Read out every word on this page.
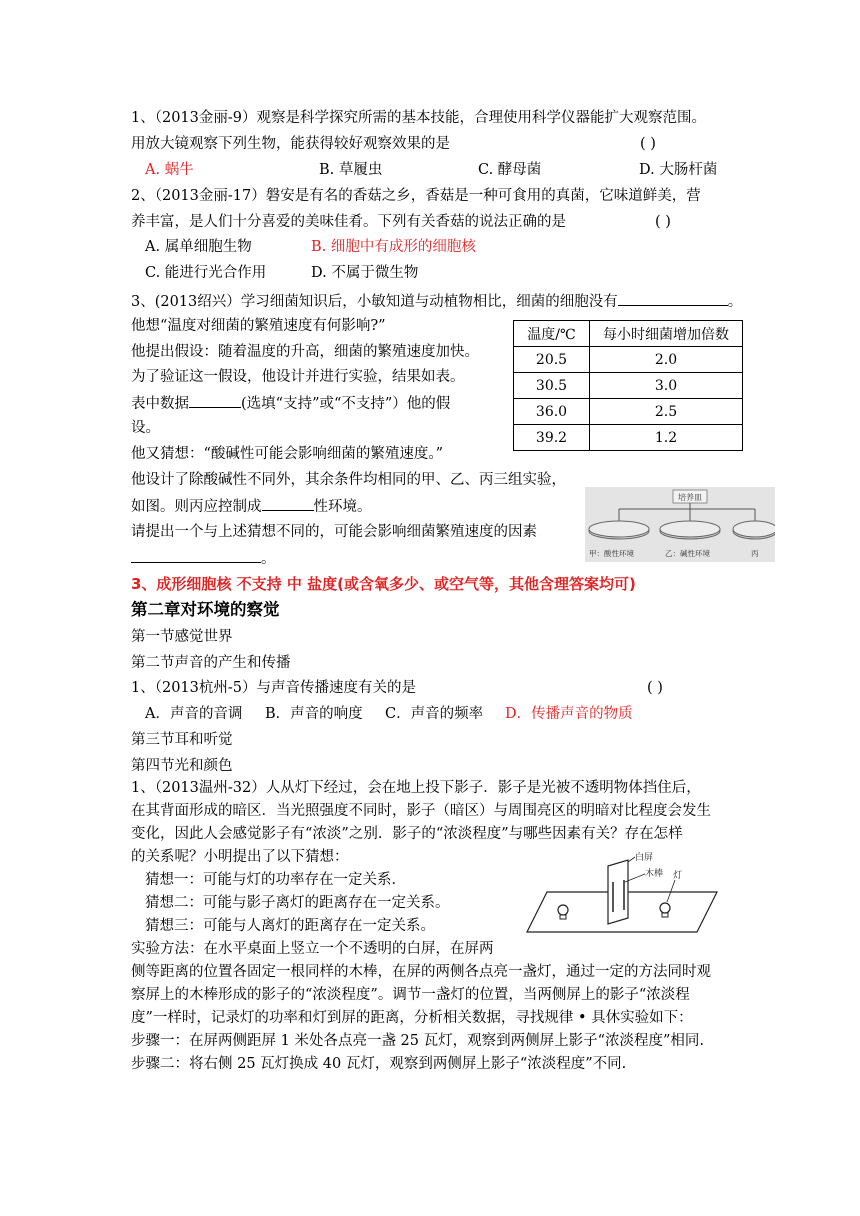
1、（2013金丽-9）观察是科学探究所需的基本技能，合理使用科学仪器能扩大观察范围。
用放大镜观察下列生物，能获得较好观察效果的是	( )
A. 蜗牛	B. 草履虫	C. 酵母菌	D. 大肠杆菌
2、（2013金丽-17）磐安是有名的香菇之乡，香菇是一种可食用的真菌，它味道鲜美，营
养丰富，是人们十分喜爱的美味佳肴。下列有关香菇的说法正确的是	( )
A. 属单细胞生物	B. 细胞中有成形的细胞核
C. 能进行光合作用	D. 不属于微生物
3、(2013绍兴）学习细菌知识后，小敏知道与动植物相比，细菌的细胞没有	。
他想“温度对细菌的繁殖速度有何影响?”
他提出假设：随着温度的升高，细菌的繁殖速度加快。
为了验证这一假设，他设计并进行实验，结果如表。
表中数据	(选填“支持”或“不支持”）他的假
设。
他又猜想：“酸碱性可能会影响细菌的繁殖速度。”
他设计了除酸碱性不同外，其余条件均相同的甲、乙、丙三组实验，
如图。则丙应控制成	性环境。
请提出一个与上述猜想不同的，可能会影响细菌繁殖速度的因素
。
温度/℃	每小时细菌增加倍数
20.5	2.0
30.5	3.0
36.0	2.5
39.2	1.2
培养皿
甲：酸性环境	乙：碱性环境	丙
3、成形细胞核 不支持 中 盐度(或含氧多少、或空气等，其他含理答案均可)
第二章对环境的察觉
第一节感觉世界
第二节声音的产生和传播
1、（2013杭州-5）与声音传播速度有关的是	( )
A．声音的音调 B．声音的响度 C．声音的频率 D．传播声音的物质
第三节耳和听觉
第四节光和颜色
1、（2013温州-32）人从灯下经过，会在地上投下影子．影子是光被不透明物体挡住后，
在其背面形成的暗区．当光照强度不同时，影子（暗区）与周围亮区的明暗对比程度会发生
变化，因此人会感觉影子有“浓淡”之别．影子的“浓淡程度”与哪些因素有关？存在怎样
的关系呢？小明提出了以下猜想：
猜想一：可能与灯的功率存在一定关系．
猜想二：可能与影子离灯的距离存在一定关系。
猜想三：可能与人离灯的距离存在一定关系。
实验方法：在水平桌面上竖立一个不透明的白屏，在屏两
侧等距离的位置各固定一根同样的木棒，在屏的两侧各点亮一盏灯，通过一定的方法同时观
察屏上的木棒形成的影子的“浓淡程度”。调节一盏灯的位置，当两侧屏上的影子“浓淡程
度”一样时，记录灯的功率和灯到屏的距离，分析相关数据，寻找规律 • 具休实验如下：
步骤一：在屏两侧距屏 1 米处各点亮一盏 25 瓦灯，观察到两侧屏上影子“浓淡程度”相同.
步骤二：将右侧 25 瓦灯换成 40 瓦灯，观察到两侧屏上影子“浓淡程度”不同.
白屏
木棒 灯
